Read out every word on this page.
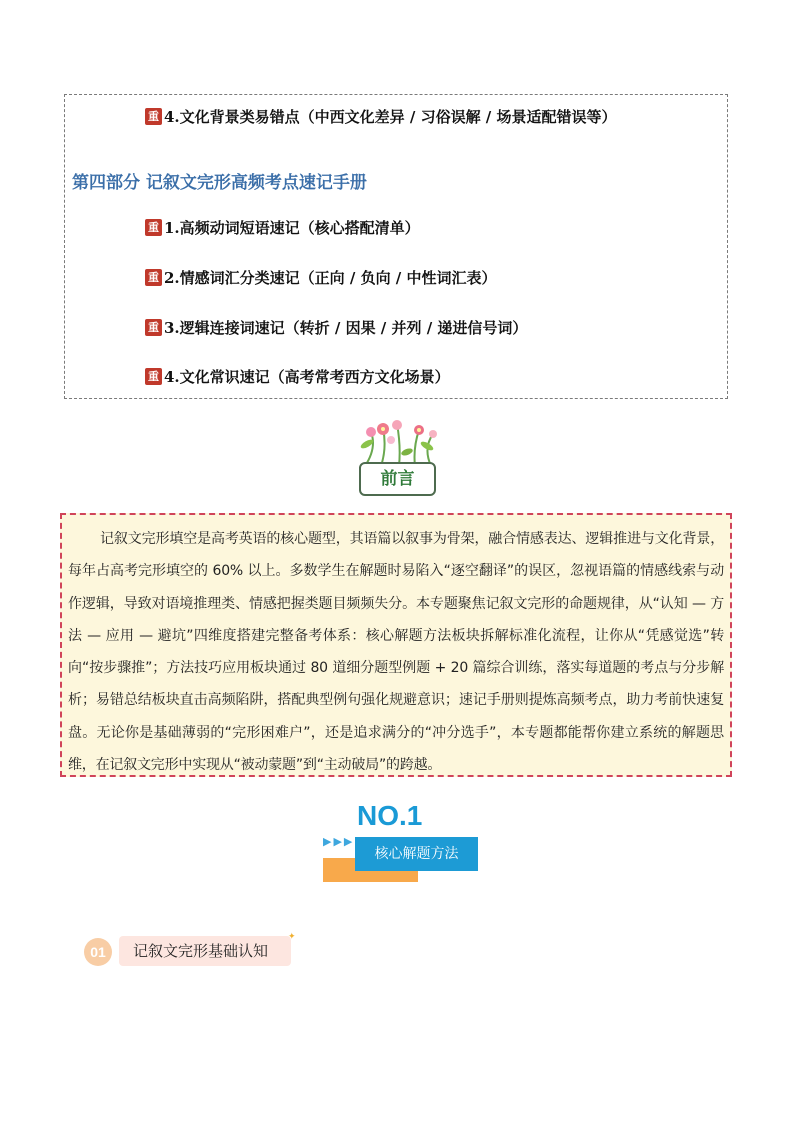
重 4.文化背景类易错点（中西文化差异 / 习俗误解 / 场景适配错误等）
第四部分 记叙文完形高频考点速记手册
重 1.高频动词短语速记（核心搭配清单）
重 2.情感词汇分类速记（正向 / 负向 / 中性词汇表）
重 3.逻辑连接词速记（转折 / 因果 / 并列 / 递进信号词）
重 4.文化常识速记（高考常考西方文化场景）
前言
记叙文完形填空是高考英语的核心题型，其语篇以叙事为骨架，融合情感表达、逻辑推进与文化背景，每年占高考完形填空的 60% 以上。多数学生在解题时易陷入“逐空翻译”的误区，忽视语篇的情感线索与动作逻辑，导致对语境推理类、情感把握类题目频频失分。本专题聚焦记叙文完形的命题规律，从“认知 — 方法 — 应用 — 避坑”四维度搭建完整备考体系：核心解题方法板块拆解标准化流程，让你从“凭感觉选”转向“按步骤推”；方法技巧应用板块通过 80 道细分题型例题 + 20 篇综合训练，落实每道题的考点与分步解析；易错总结板块直击高频陷阱，搭配典型例句强化规避意识；速记手册则提炼高频考点，助力考前快速复盘。无论你是基础薄弱的“完形困难户”，还是追求满分的“冲分选手”，本专题都能帮你建立系统的解题思维，在记叙文完形中实现从“被动蒙题”到“主动破局”的跨越。
NO.1
▶▶▶
核心解题方法
01	记叙文完形基础认知
✦
